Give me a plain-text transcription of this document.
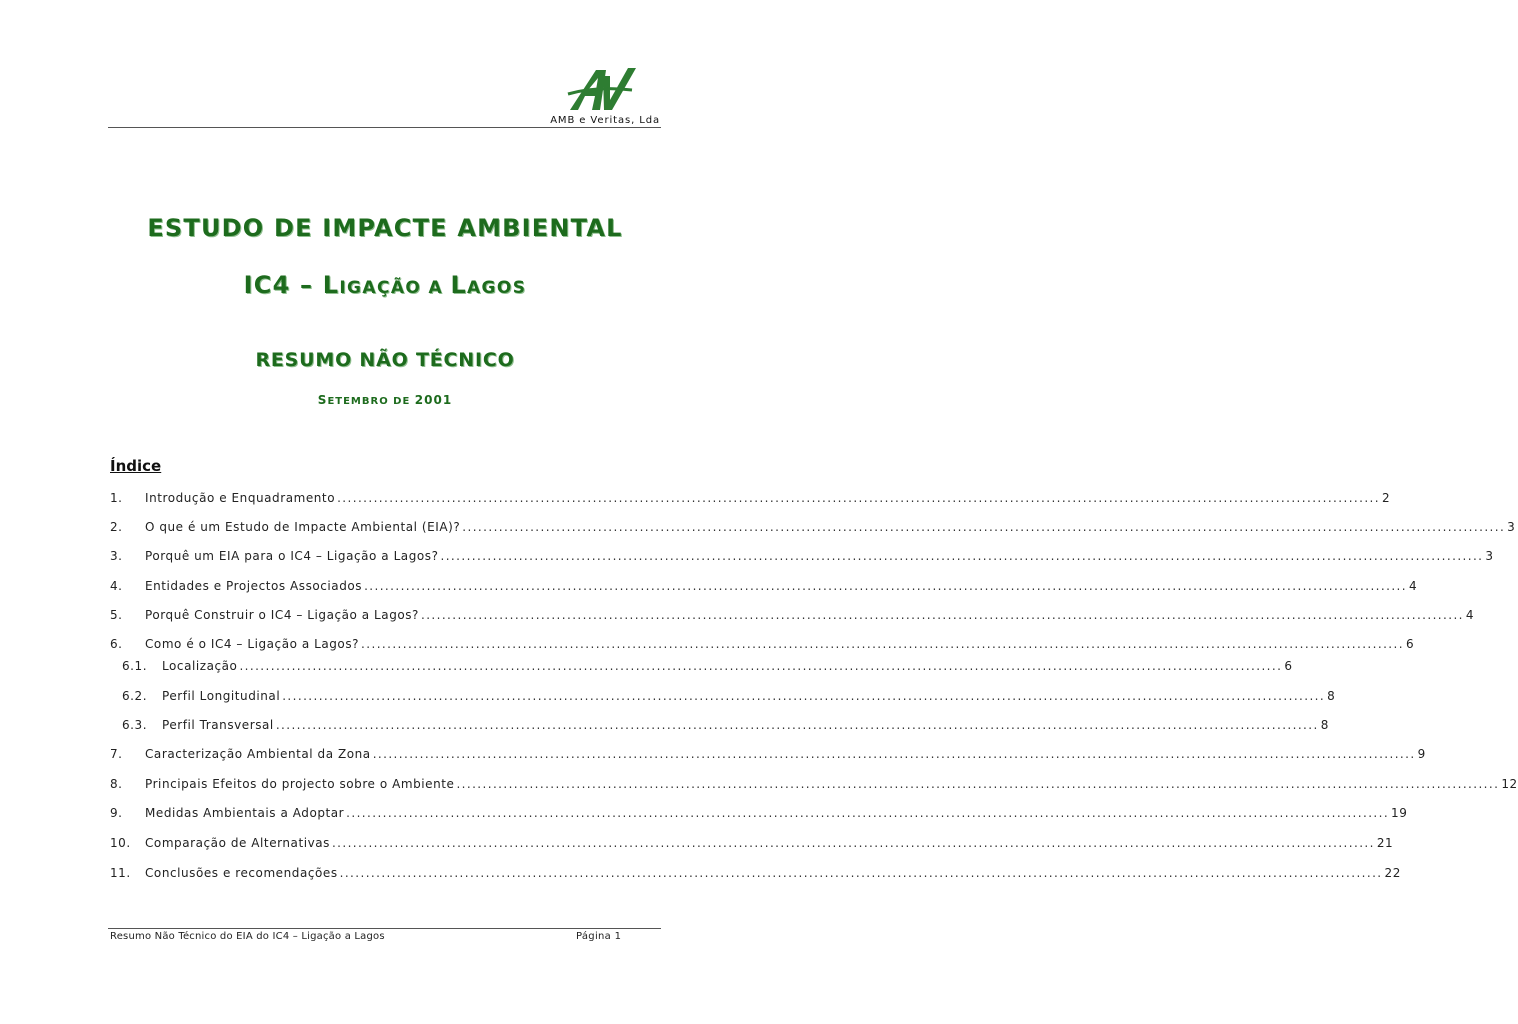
AMB e Veritas, Lda
ESTUDO DE IMPACTE AMBIENTAL
IC4 – LIGAÇÃO A LAGOS
RESUMO NÃO TÉCNICO
SETEMBRO DE 2001
Índice
1.	Introdução e Enquadramento ........................................................................................................................................................................................................ 2
2.	O que é um Estudo de Impacte Ambiental (EIA)? ........................................................................................................................................................................................................ 3
3.	Porquê um EIA para o IC4 – Ligação a Lagos? ........................................................................................................................................................................................................ 3
4.	Entidades e Projectos Associados ........................................................................................................................................................................................................ 4
5.	Porquê Construir o IC4 – Ligação a Lagos? ........................................................................................................................................................................................................ 4
6.	Como é o IC4 – Ligação a Lagos? ........................................................................................................................................................................................................ 6
6.1.	Localização ........................................................................................................................................................................................................ 6
6.2.	Perfil Longitudinal ........................................................................................................................................................................................................ 8
6.3.	Perfil Transversal ........................................................................................................................................................................................................ 8
7.	Caracterização Ambiental da Zona ........................................................................................................................................................................................................ 9
8.	Principais Efeitos do projecto sobre o Ambiente ........................................................................................................................................................................................................ 12
9.	Medidas Ambientais a Adoptar ........................................................................................................................................................................................................ 19
10.	Comparação de Alternativas ........................................................................................................................................................................................................ 21
11.	Conclusões e recomendações ........................................................................................................................................................................................................ 22
Resumo Não Técnico do EIA do IC4 – Ligação a Lagos	Página 1
